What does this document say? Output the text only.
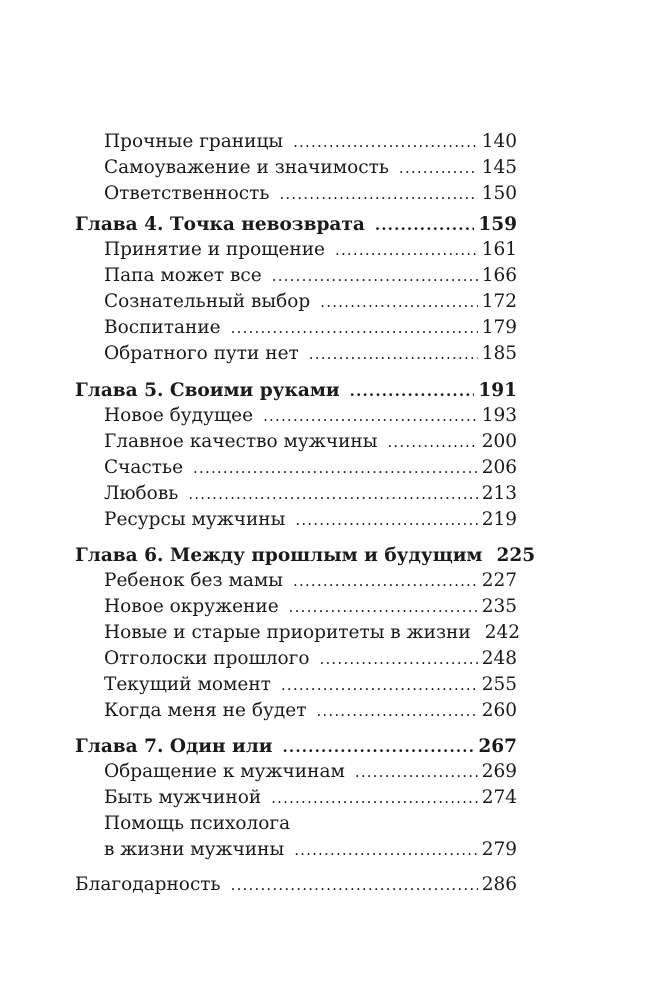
Прочные границы .....	140
Самоуважение и значимость .....	145
Ответственность .....	150
Глава 4. Точка невозврата .....	159
Принятие и прощение .....	161
Папа может все .....	166
Сознательный выбор .....	172
Воспитание .....	179
Обратного пути нет .....	185
Глава 5. Своими руками .....	191
Новое будущее .....	193
Главное качество мужчины .....	200
Счастье .....	206
Любовь .....	213
Ресурсы мужчины .....	219
Глава 6. Между прошлым и будущим 225
Ребенок без мамы .....	227
Новое окружение .....	235
Новые и старые приоритеты в жизни 242
Отголоски прошлого .....	248
Текущий момент .....	255
Когда меня не будет .....	260
Глава 7. Один или .....	267
Обращение к мужчинам .....	269
Быть мужчиной .....	274
Помощь психолога
в жизни мужчины .....	279
Благодарность .....	286
